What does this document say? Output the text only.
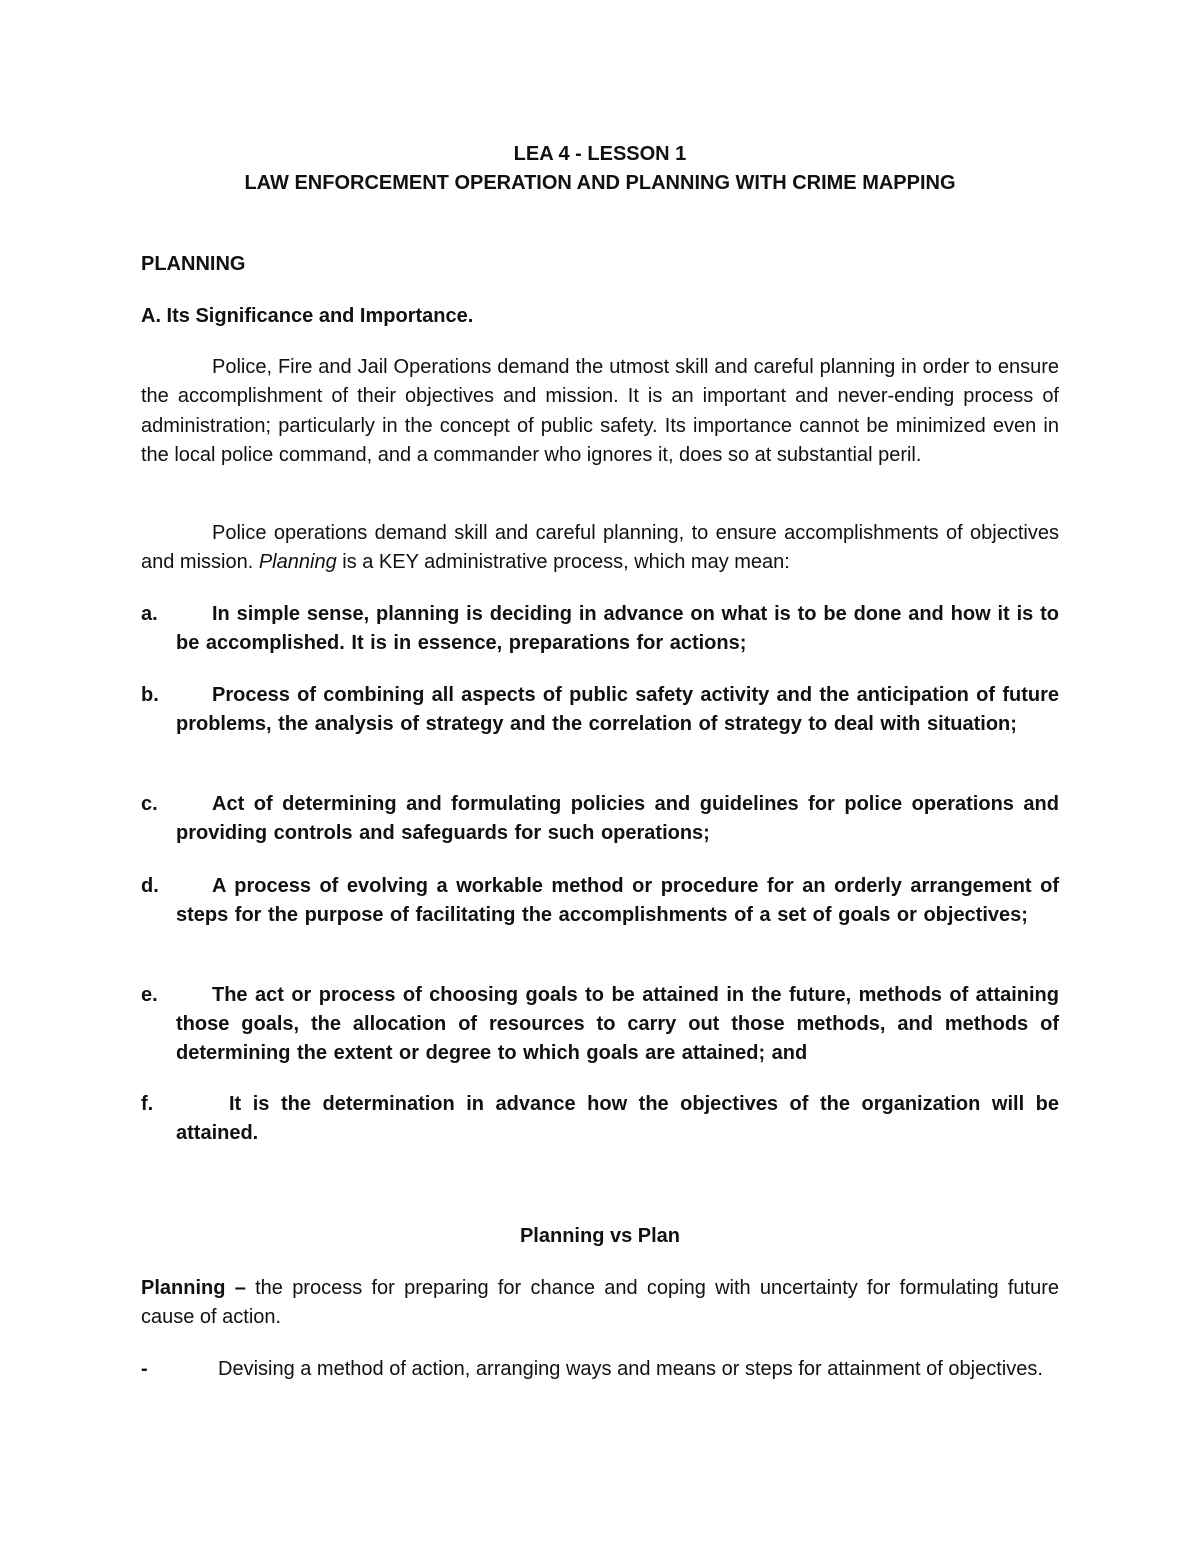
LEA 4 - LESSON 1
LAW ENFORCEMENT OPERATION AND PLANNING WITH CRIME MAPPING
PLANNING
A. Its Significance and Importance.
Police, Fire and Jail Operations demand the utmost skill and careful planning in order to ensure the accomplishment of their objectives and mission. It is an important and never-ending process of administration; particularly in the concept of public safety. Its importance cannot be minimized even in the local police command, and a commander who ignores it, does so at substantial peril.
Police operations demand skill and careful planning, to ensure accomplishments of objectives and mission. Planning is a KEY administrative process, which may mean:
a.	In simple sense, planning is deciding in advance on what is to be done and how it is to be accomplished. It is in essence, preparations for actions;
b.	Process of combining all aspects of public safety activity and the anticipation of future problems, the analysis of strategy and the correlation of strategy to deal with situation;
c.	Act of determining and formulating policies and guidelines for police operations and providing controls and safeguards for such operations;
d.	A process of evolving a workable method or procedure for an orderly arrangement of steps for the purpose of facilitating the accomplishments of a set of goals or objectives;
e.	The act or process of choosing goals to be attained in the future, methods of attaining those goals, the allocation of resources to carry out those methods, and methods of determining the extent or degree to which goals are attained; and
f.	It is the determination in advance how the objectives of the organization will be attained.
Planning vs Plan
Planning – the process for preparing for chance and coping with uncertainty for formulating future cause of action.
-	Devising a method of action, arranging ways and means or steps for attainment of objectives.
